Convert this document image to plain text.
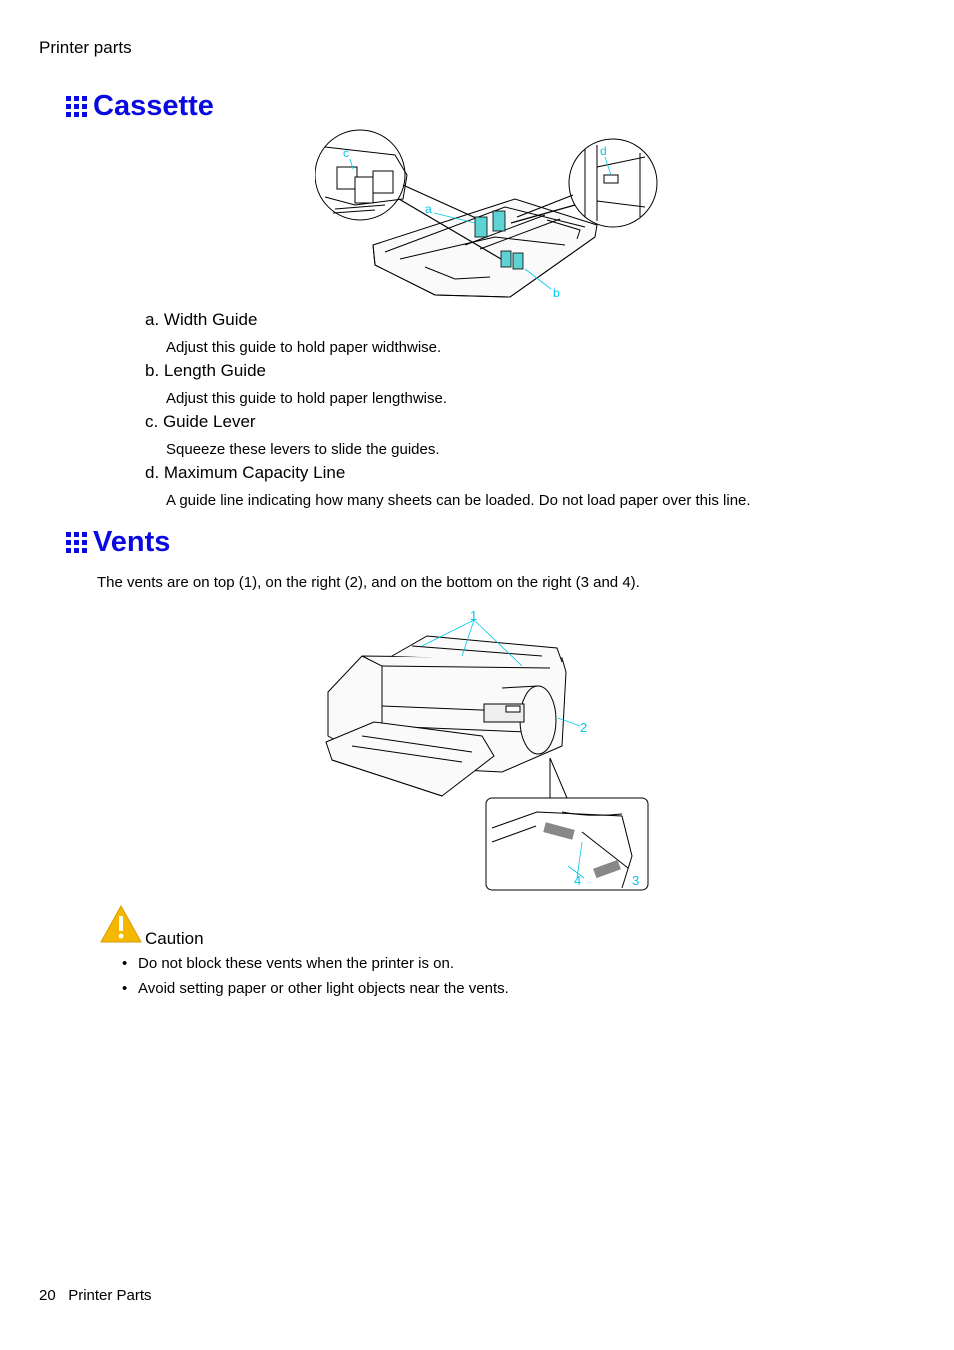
Printer parts
Cassette
c
a
b
d
a. Width Guide
Adjust this guide to hold paper widthwise.
b. Length Guide
Adjust this guide to hold paper lengthwise.
c. Guide Lever
Squeeze these levers to slide the guides.
d. Maximum Capacity Line
A guide line indicating how many sheets can be loaded. Do not load paper over this line.
Vents
The vents are on top (1), on the right (2), and on the bottom on the right (3 and 4).
1
2
3
4
Caution
• Do not block these vents when the printer is on.
• Avoid setting paper or other light objects near the vents.
20 Printer Parts
